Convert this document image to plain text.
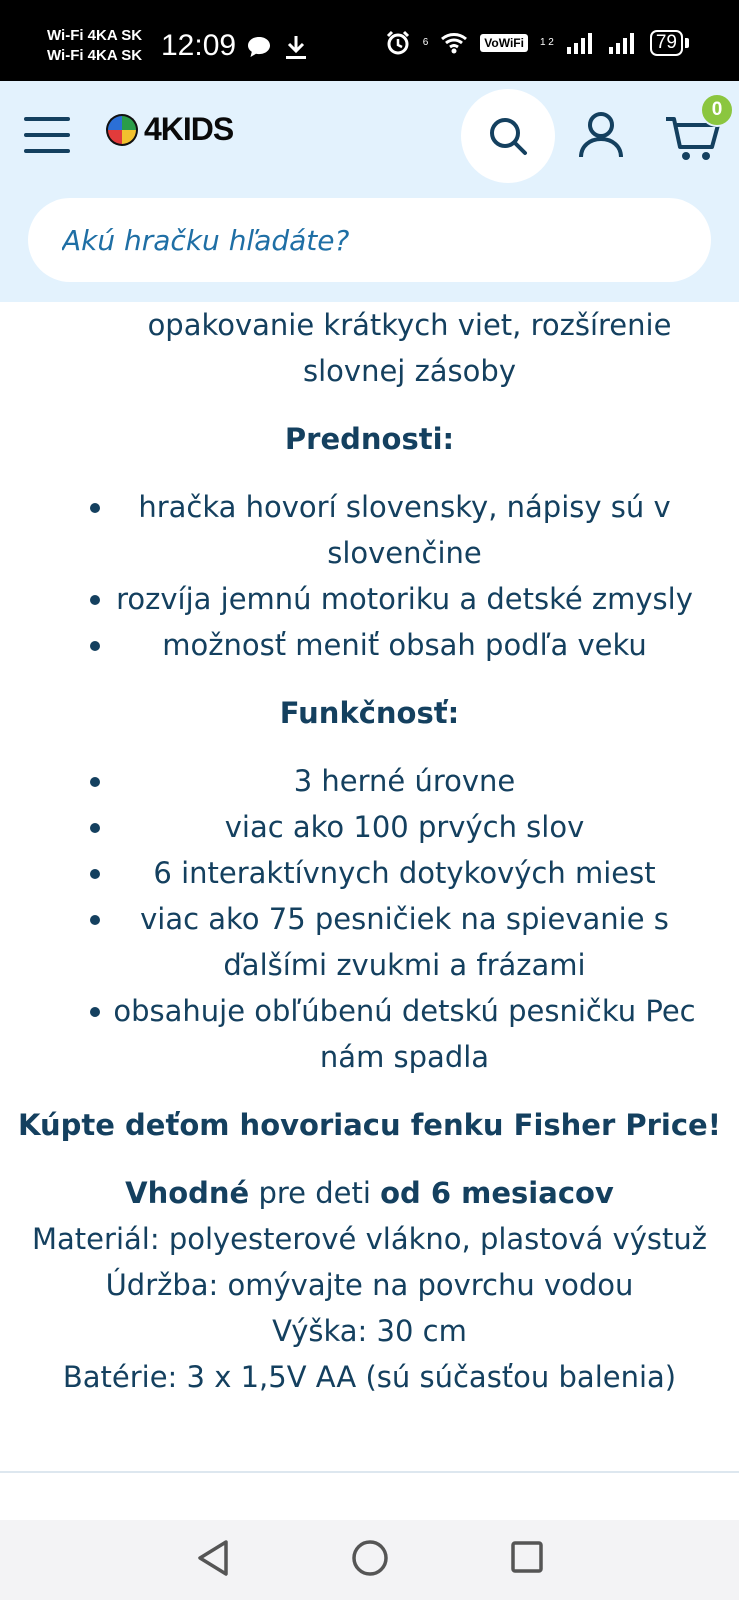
Wi-Fi 4KA SK
Wi-Fi 4KA SK 12:09	6	VoWiFi	1 2	79

opakovanie krátkych viet, rozšírenie slovnej zásoby

Prednosti:
hračka hovorí slovensky, nápisy sú v slovenčine
rozvíja jemnú motoriku a detské zmysly
možnosť meniť obsah podľa veku
Funkčnosť:
3 herné úrovne
viac ako 100 prvých slov
6 interaktívnych dotykových miest
viac ako 75 pesničiek na spievanie s ďalšími zvukmi a frázami
obsahuje obľúbenú detskú pesničku Pec nám spadla

Kúpte deťom hovoriacu fenku Fisher Price!

Vhodné pre deti od 6 mesiacov

Materiál: polyesterové vlákno, plastová výstuž

Údržba: omývajte na povrchu vodou

Výška: 30 cm

Batérie: 3 x 1,5V AA (sú súčasťou balenia)

4KIDS
0
Akú hračku hľadáte?
